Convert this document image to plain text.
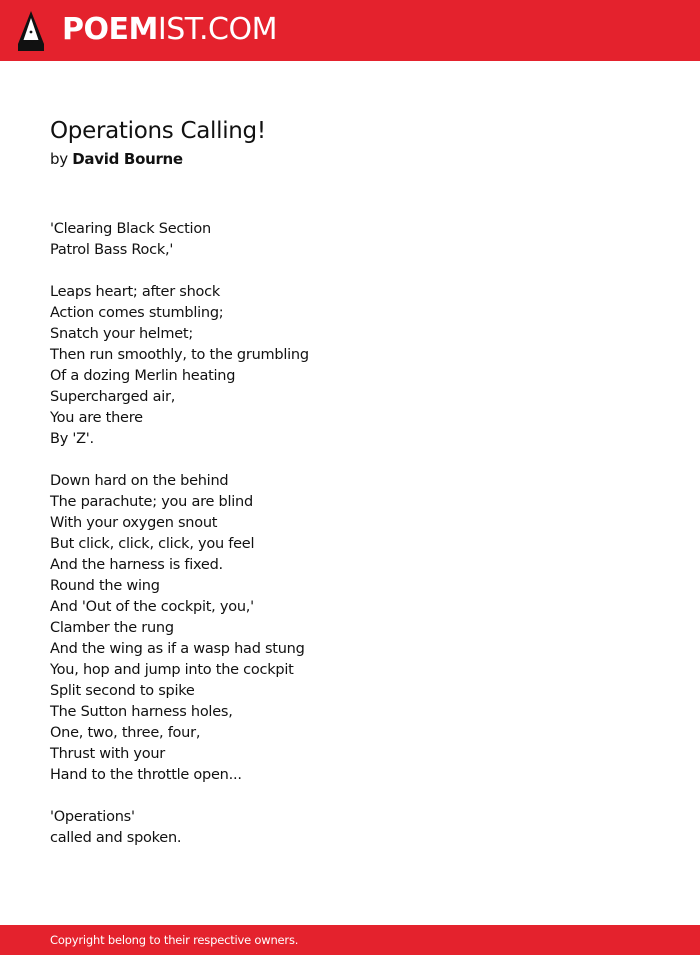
POEMIST.COM
Operations Calling!
by David Bourne
'Clearing Black Section
Patrol Bass Rock,'
Leaps heart; after shock
Action comes stumbling;
Snatch your helmet;
Then run smoothly, to the grumbling
Of a dozing Merlin heating
Supercharged air,
You are there
By 'Z'.
Down hard on the behind
The parachute; you are blind
With your oxygen snout
But click, click, click, you feel
And the harness is fixed.
Round the wing
And 'Out of the cockpit, you,'
Clamber the rung
And the wing as if a wasp had stung
You, hop and jump into the cockpit
Split second to spike
The Sutton harness holes,
One, two, three, four,
Thrust with your
Hand to the throttle open...
'Operations'
called and spoken.
Copyright belong to their respective owners.
